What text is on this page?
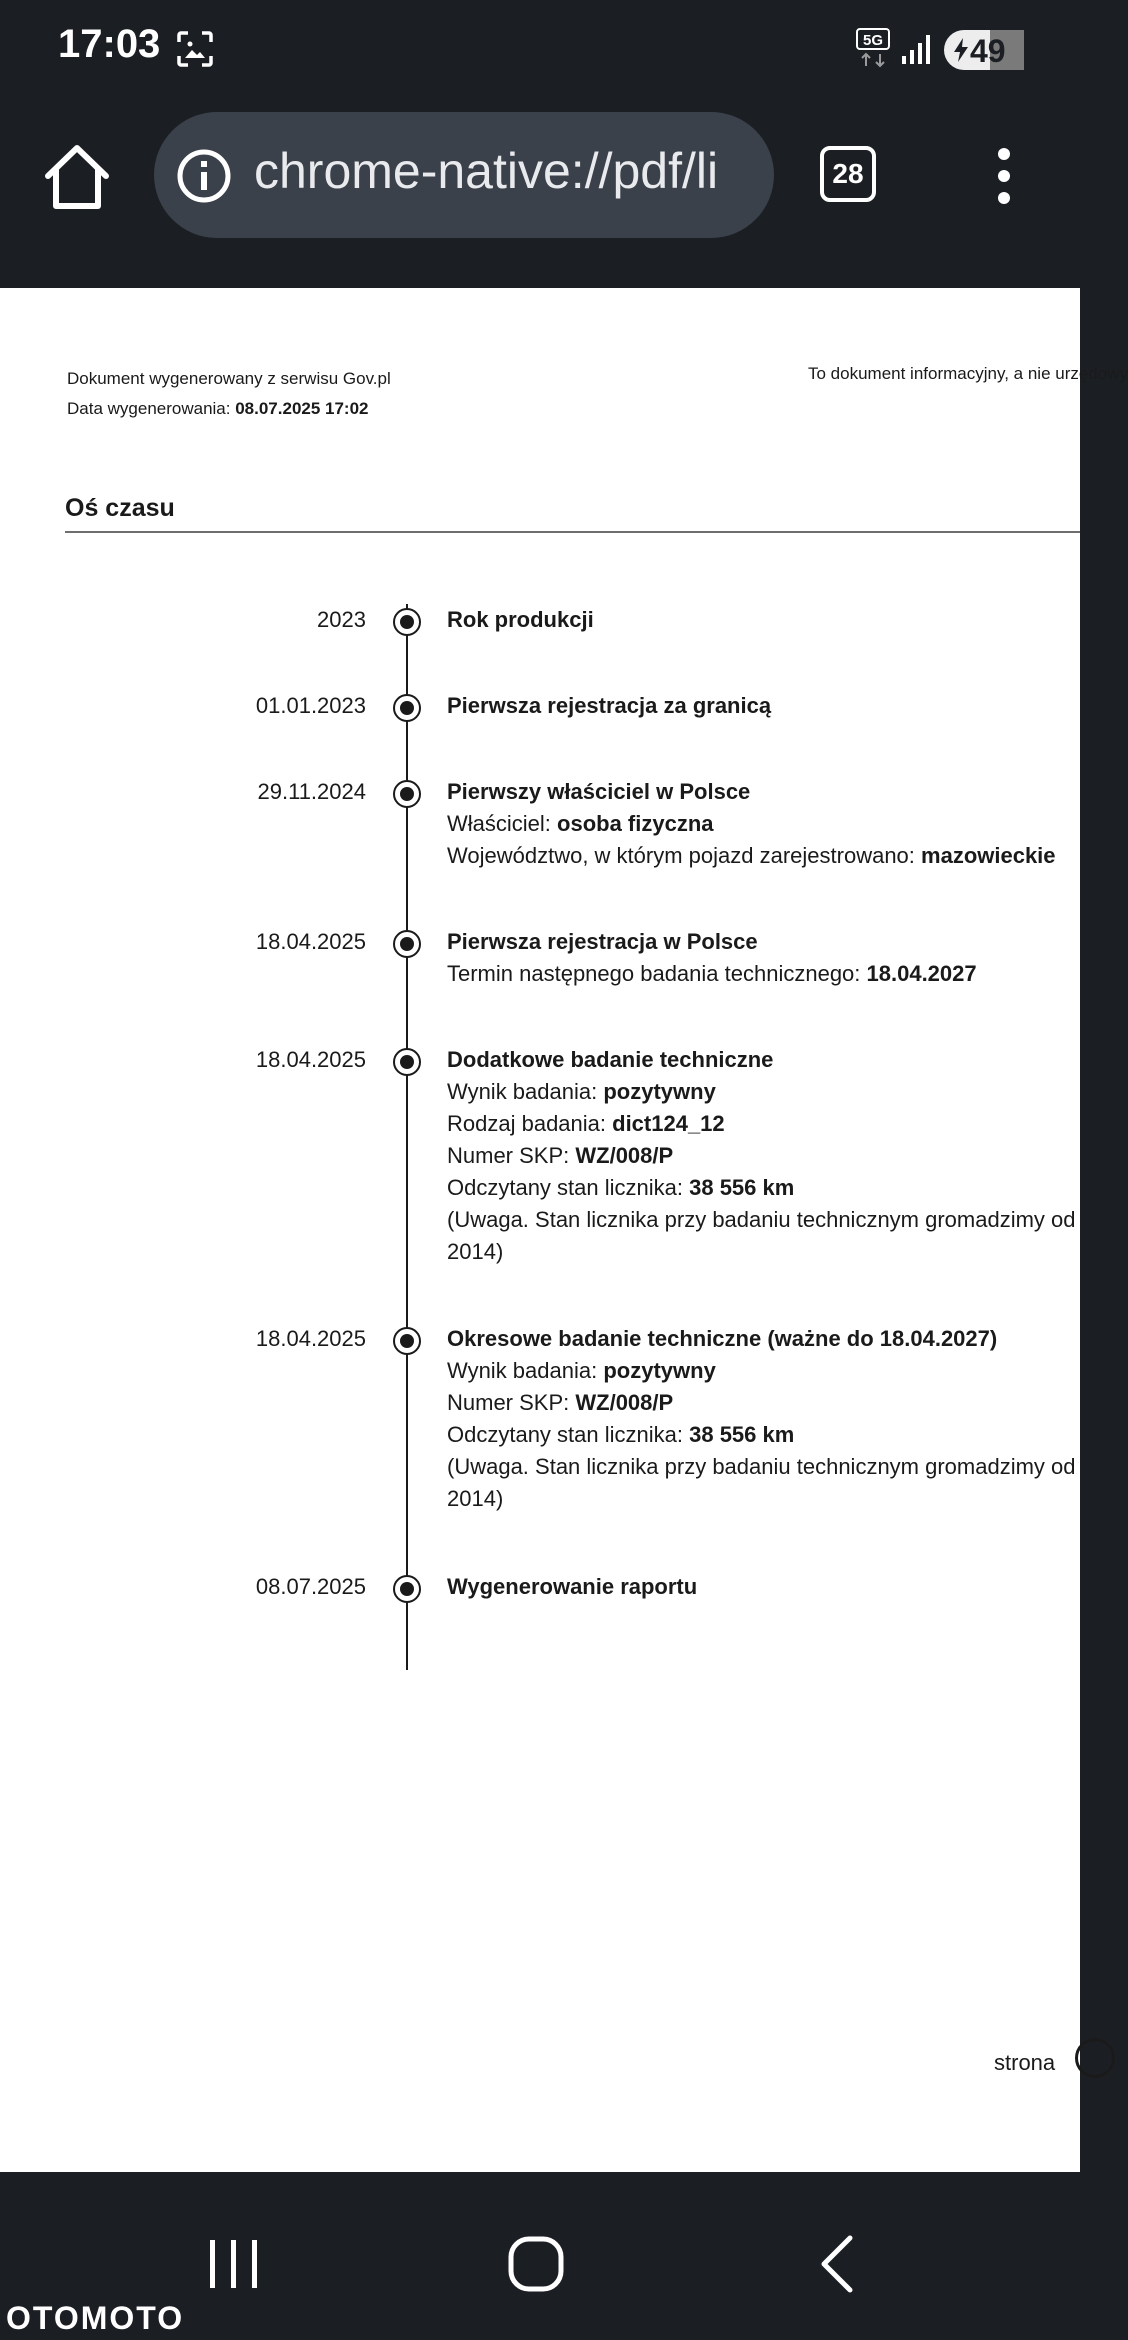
17:03	5G	49
chrome-native://pdf/li	28
Dokument wygenerowany z serwisu Gov.pl
Data wygenerowania: 08.07.2025 17:02
To dokument informacyjny, a nie urzędowy
Oś czasu
2023	Rok produkcji
01.01.2023	Pierwsza rejestracja za granicą
29.11.2024	Pierwszy właściciel w Polsce
Właściciel: osoba fizyczna
Województwo, w którym pojazd zarejestrowano: mazowieckie
18.04.2025	Pierwsza rejestracja w Polsce
Termin następnego badania technicznego: 18.04.2027
18.04.2025	Dodatkowe badanie techniczne
Wynik badania: pozytywny
Rodzaj badania: dict124_12
Numer SKP: WZ/008/P
Odczytany stan licznika: 38 556 km
(Uwaga. Stan licznika przy badaniu technicznym gromadzimy od 2014)
18.04.2025	Okresowe badanie techniczne (ważne do 18.04.2027)
Wynik badania: pozytywny
Numer SKP: WZ/008/P
Odczytany stan licznika: 38 556 km
(Uwaga. Stan licznika przy badaniu technicznym gromadzimy od 2014)
08.07.2025	Wygenerowanie raportu
strona
OTOMOTO
